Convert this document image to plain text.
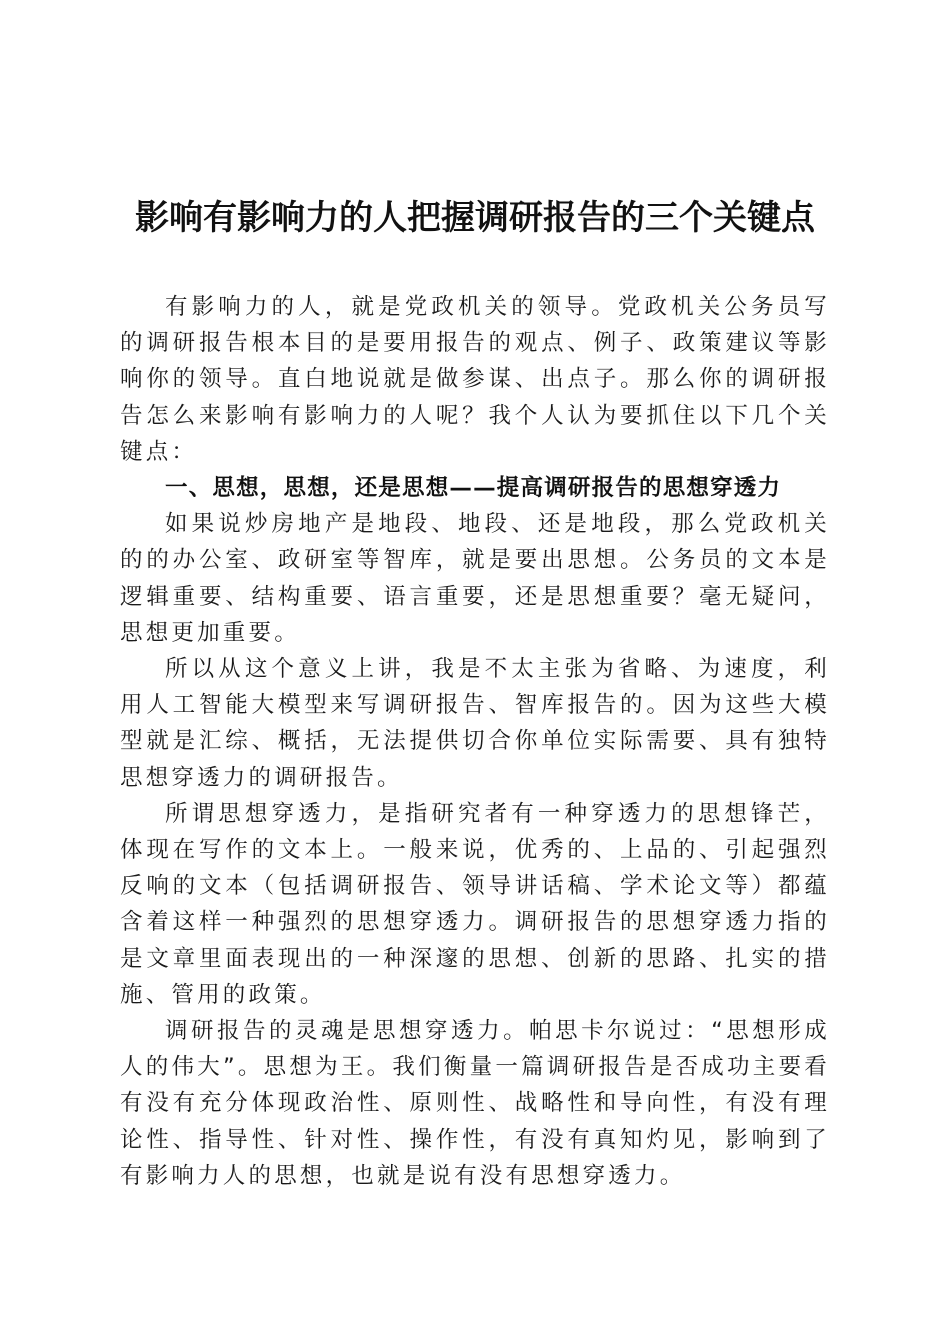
影响有影响力的人把握调研报告的三个关键点

有影响力的人，就是党政机关的领导。党政机关公务员写的调研报告根本目的是要用报告的观点、例子、政策建议等影响你的领导。直白地说就是做参谋、出点子。那么你的调研报告怎么来影响有影响力的人呢？我个人认为要抓住以下几个关键点：

一、思想，思想，还是思想——提高调研报告的思想穿透力

如果说炒房地产是地段、地段、还是地段，那么党政机关的的办公室、政研室等智库，就是要出思想。公务员的文本是逻辑重要、结构重要、语言重要，还是思想重要？毫无疑问，思想更加重要。

所以从这个意义上讲，我是不太主张为省略、为速度，利用人工智能大模型来写调研报告、智库报告的。因为这些大模型就是汇综、概括，无法提供切合你单位实际需要、具有独特思想穿透力的调研报告。

所谓思想穿透力，是指研究者有一种穿透力的思想锋芒，体现在写作的文本上。一般来说，优秀的、上品的、引起强烈反响的文本（包括调研报告、领导讲话稿、学术论文等）都蕴含着这样一种强烈的思想穿透力。调研报告的思想穿透力指的是文章里面表现出的一种深邃的思想、创新的思路、扎实的措施、管用的政策。

调研报告的灵魂是思想穿透力。帕思卡尔说过：“思想形成人的伟大”。思想为王。我们衡量一篇调研报告是否成功主要看有没有充分体现政治性、原则性、战略性和导向性，有没有理论性、指导性、针对性、操作性，有没有真知灼见，影响到了有影响力人的思想，也就是说有没有思想穿透力。
